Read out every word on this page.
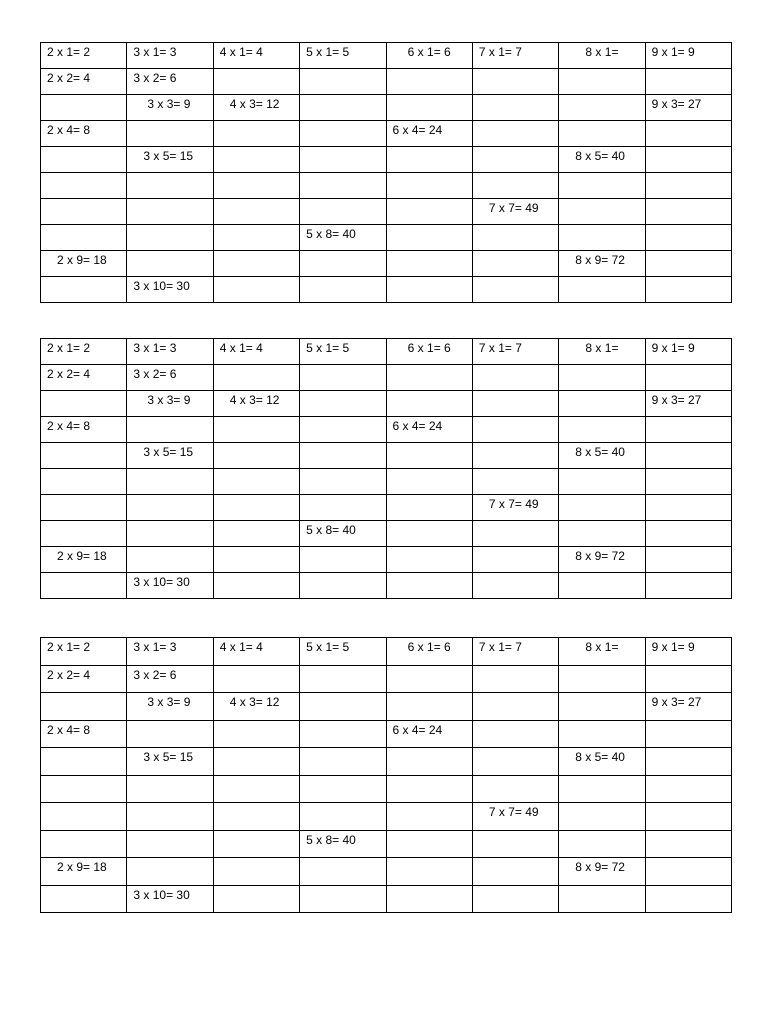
2 x 1= 2	3 x 1= 3	4 x 1= 4	5 x 1= 5	6 x 1= 6	7 x 1= 7	8 x 1=	9 x 1= 9
2 x 2= 4	3 x 2= 6						
	3 x 3= 9	4 x 3= 12					9 x 3= 27
2 x 4= 8				6 x 4= 24			
	3 x 5= 15					8 x 5= 40	

					7 x 7= 49		
			5 x 8= 40				
2 x 9= 18						8 x 9= 72	
	3 x 10= 30						
2 x 1= 2	3 x 1= 3	4 x 1= 4	5 x 1= 5	6 x 1= 6	7 x 1= 7	8 x 1=	9 x 1= 9
2 x 2= 4	3 x 2= 6						
	3 x 3= 9	4 x 3= 12					9 x 3= 27
2 x 4= 8				6 x 4= 24			
	3 x 5= 15					8 x 5= 40	

					7 x 7= 49		
			5 x 8= 40				
2 x 9= 18						8 x 9= 72	
	3 x 10= 30						
2 x 1= 2	3 x 1= 3	4 x 1= 4	5 x 1= 5	6 x 1= 6	7 x 1= 7	8 x 1=	9 x 1= 9
2 x 2= 4	3 x 2= 6						
	3 x 3= 9	4 x 3= 12					9 x 3= 27
2 x 4= 8				6 x 4= 24			
	3 x 5= 15					8 x 5= 40	

					7 x 7= 49		
			5 x 8= 40				
2 x 9= 18						8 x 9= 72	
	3 x 10= 30						
